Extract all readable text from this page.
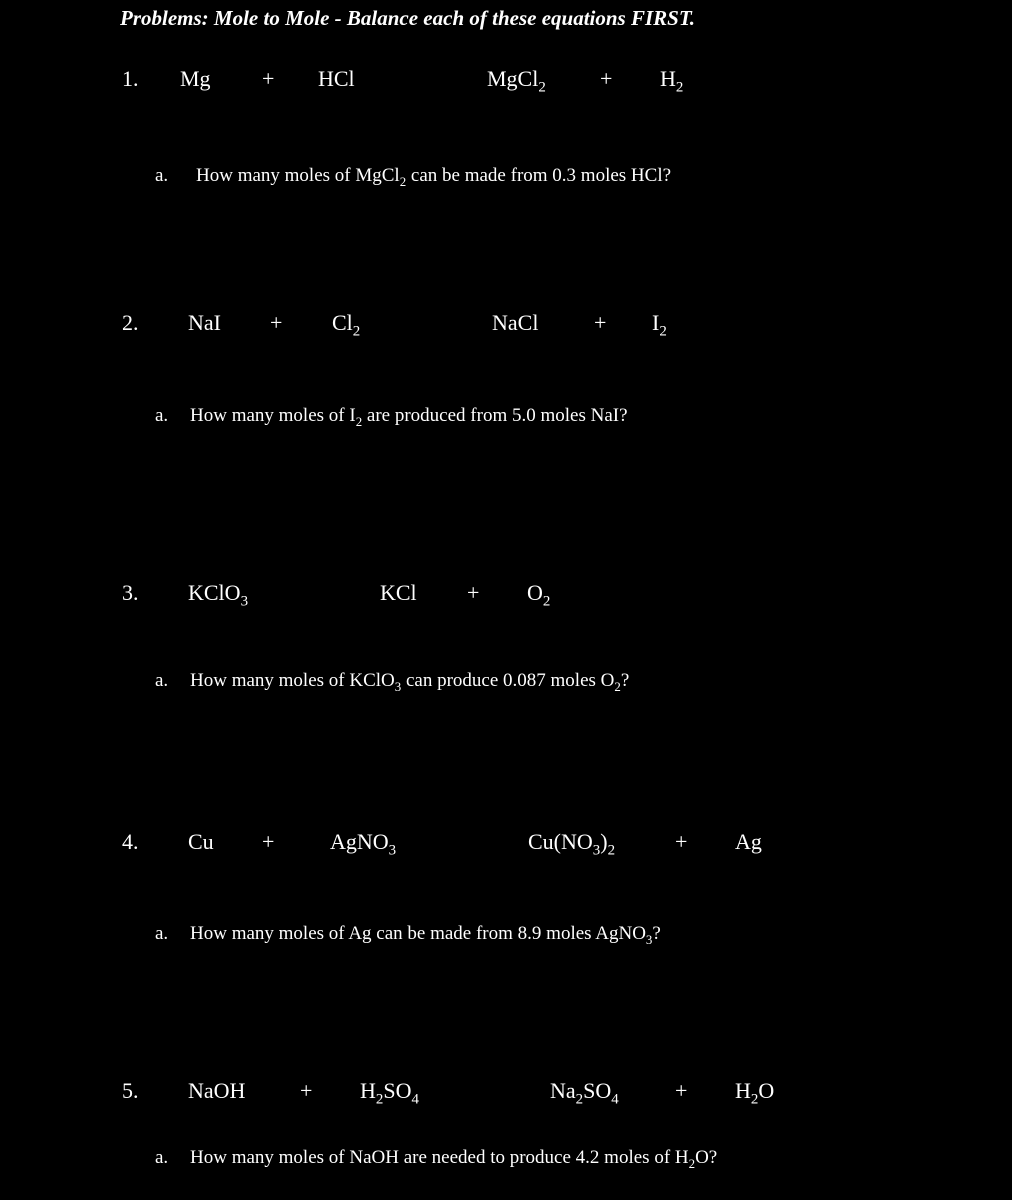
Problems: Mole to Mole - Balance each of these equations FIRST.
1. Mg + HCl	MgCl$_2$ + $H_2$
a. How many moles of MgCl$_2$ can be made from 0.3 moles HCl?
2. NaI + $Cl_2$	NaCl	+ $I_2$
a. How many moles of $I_2$ are produced from 5.0 moles NaI?
3. KClO$_3$	KCl + $O_2$
a. How many moles of KClO$_3$ can produce 0.087 moles $O_2$?
4. Cu +	AgNO$_3$	$Cu(NO_3)_2$	+ Ag
a. How many moles of Ag can be made from 8.9 moles AgNO$_3$?
5. NaOH + $H_2SO_4$	$Na_2SO_4$	+ $H_2O$
a. How many moles of NaOH are needed to produce 4.2 moles of $H_2O$?
